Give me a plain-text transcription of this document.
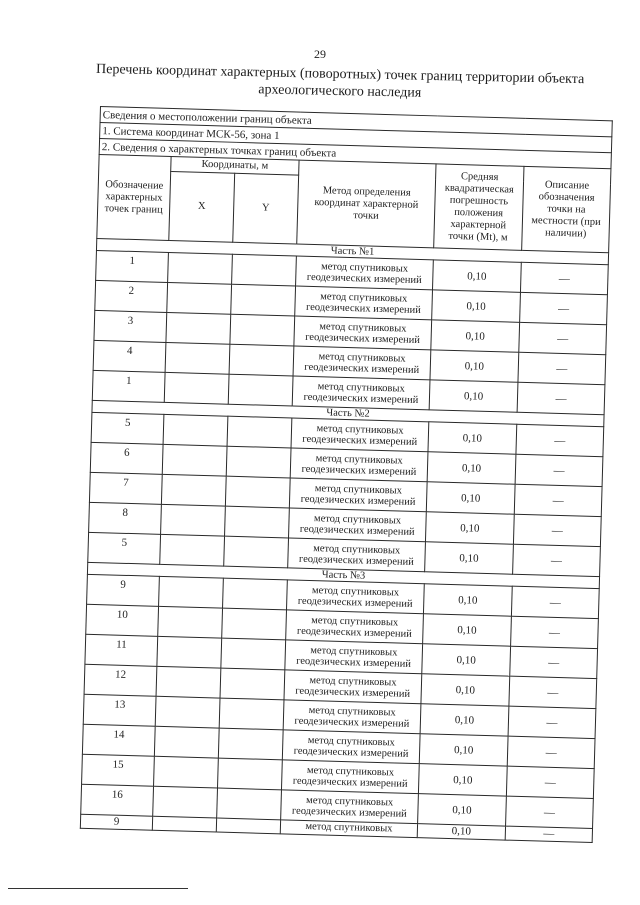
29
Перечень координат характерных (поворотных) точек границ территории объекта археологического наследия
Сведения о местоположении границ объекта					
1. Система координат МСК-56, зона 1					
2. Сведения о характерных точках границ объекта					
Обозначение характерных точек границ	Координаты, м		Метод определения координат характерной точки	Средняя квадратическая погрешность положения характерной точки (Mt), м	Описание обозначения точки на местности (при наличии)
	X	Y			
Часть №1					
1			метод спутниковых геодезических измерений	0,10	—
2			метод спутниковых геодезических измерений	0,10	—
3			метод спутниковых геодезических измерений	0,10	—
4			метод спутниковых геодезических измерений	0,10	—
1			метод спутниковых геодезических измерений	0,10	—
Часть №2					
5			метод спутниковых геодезических измерений	0,10	—
6			метод спутниковых геодезических измерений	0,10	—
7			метод спутниковых геодезических измерений	0,10	—
8			метод спутниковых геодезических измерений	0,10	—
5			метод спутниковых геодезических измерений	0,10	—
Часть №3					
9			метод спутниковых геодезических измерений	0,10	—
10			метод спутниковых геодезических измерений	0,10	—
11			метод спутниковых геодезических измерений	0,10	—
12			метод спутниковых геодезических измерений	0,10	—
13			метод спутниковых геодезических измерений	0,10	—
14			метод спутниковых геодезических измерений	0,10	—
15			метод спутниковых геодезических измерений	0,10	—
16			метод спутниковых геодезических измерений	0,10	—
9			метод спутниковых	0,10	—
